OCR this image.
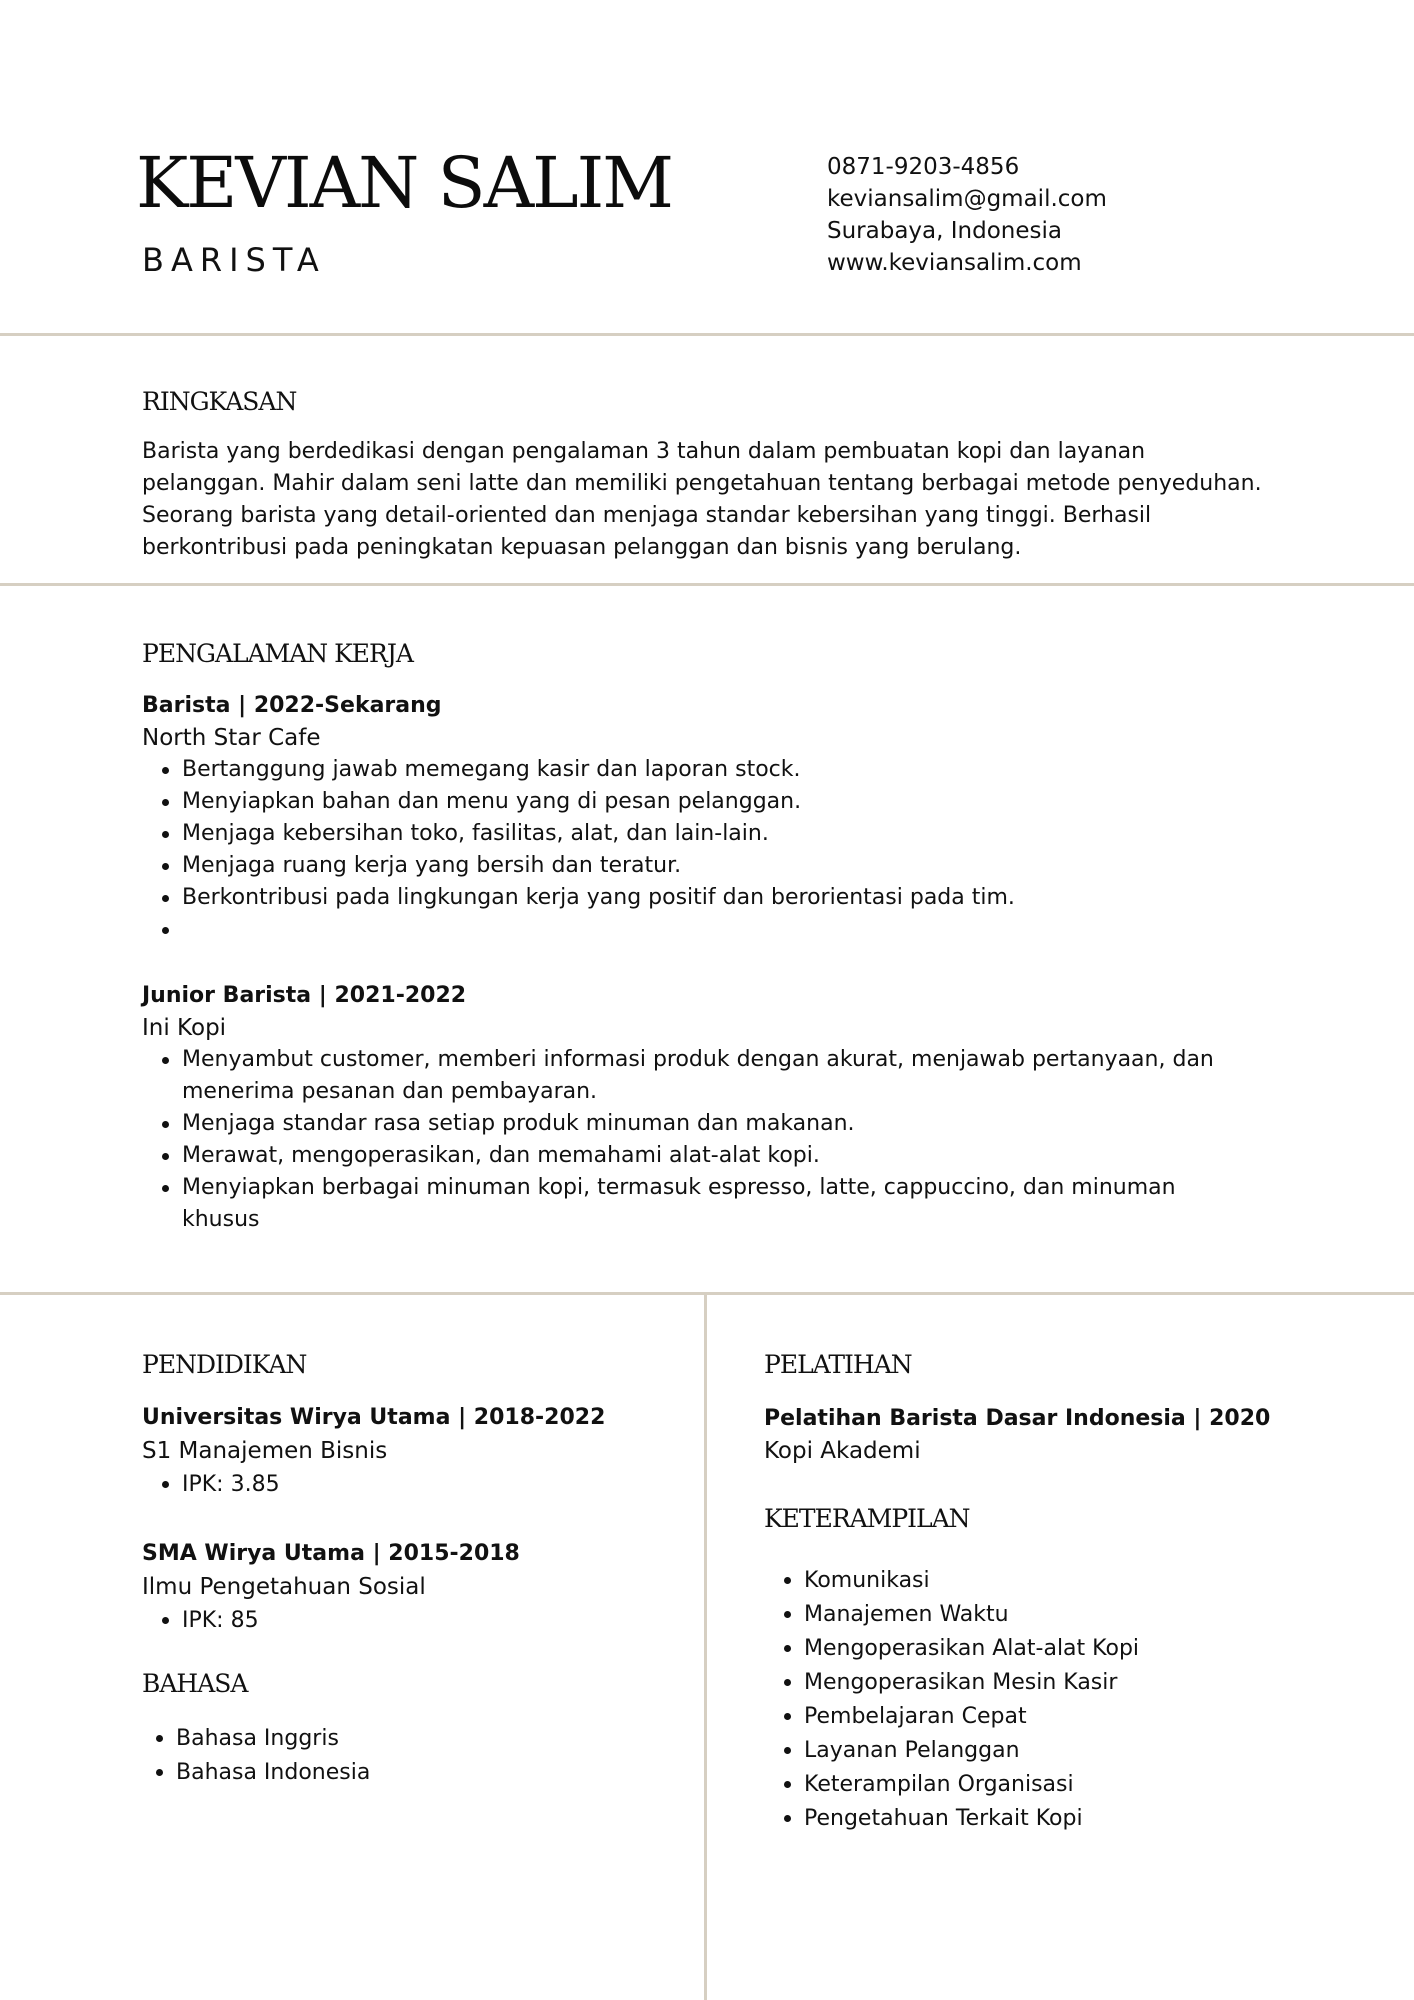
KEVIAN SALIM
BARISTA
0871-9203-4856
keviansalim@gmail.com
Surabaya, Indonesia
www.keviansalim.com
RINGKASAN

Barista yang berdedikasi dengan pengalaman 3 tahun dalam pembuatan kopi dan layanan

pelanggan. Mahir dalam seni latte dan memiliki pengetahuan tentang berbagai metode penyeduhan.

Seorang barista yang detail-oriented dan menjaga standar kebersihan yang tinggi. Berhasil

berkontribusi pada peningkatan kepuasan pelanggan dan bisnis yang berulang.

PENGALAMAN KERJA
Barista | 2022-Sekarang
North Star Cafe
Bertanggung jawab memegang kasir dan laporan stock.
Menyiapkan bahan dan menu yang di pesan pelanggan.
Menjaga kebersihan toko, fasilitas, alat, dan lain-lain.
Menjaga ruang kerja yang bersih dan teratur.
Berkontribusi pada lingkungan kerja yang positif dan berorientasi pada tim.
Junior Barista | 2021-2022
Ini Kopi
Menyambut customer, memberi informasi produk dengan akurat, menjawab pertanyaan, dan
menerima pesanan dan pembayaran.
Menjaga standar rasa setiap produk minuman dan makanan.
Merawat, mengoperasikan, dan memahami alat-alat kopi.
Menyiapkan berbagai minuman kopi, termasuk espresso, latte, cappuccino, dan minuman
khusus
PENDIDIKAN
Universitas Wirya Utama | 2018-2022
S1 Manajemen Bisnis
IPK: 3.85
SMA Wirya Utama | 2015-2018
Ilmu Pengetahuan Sosial
IPK: 85
BAHASA
Bahasa Inggris
Bahasa Indonesia
PELATIHAN
Pelatihan Barista Dasar Indonesia | 2020
Kopi Akademi
KETERAMPILAN
Komunikasi
Manajemen Waktu
Mengoperasikan Alat-alat Kopi
Mengoperasikan Mesin Kasir
Pembelajaran Cepat
Layanan Pelanggan
Keterampilan Organisasi
Pengetahuan Terkait Kopi
